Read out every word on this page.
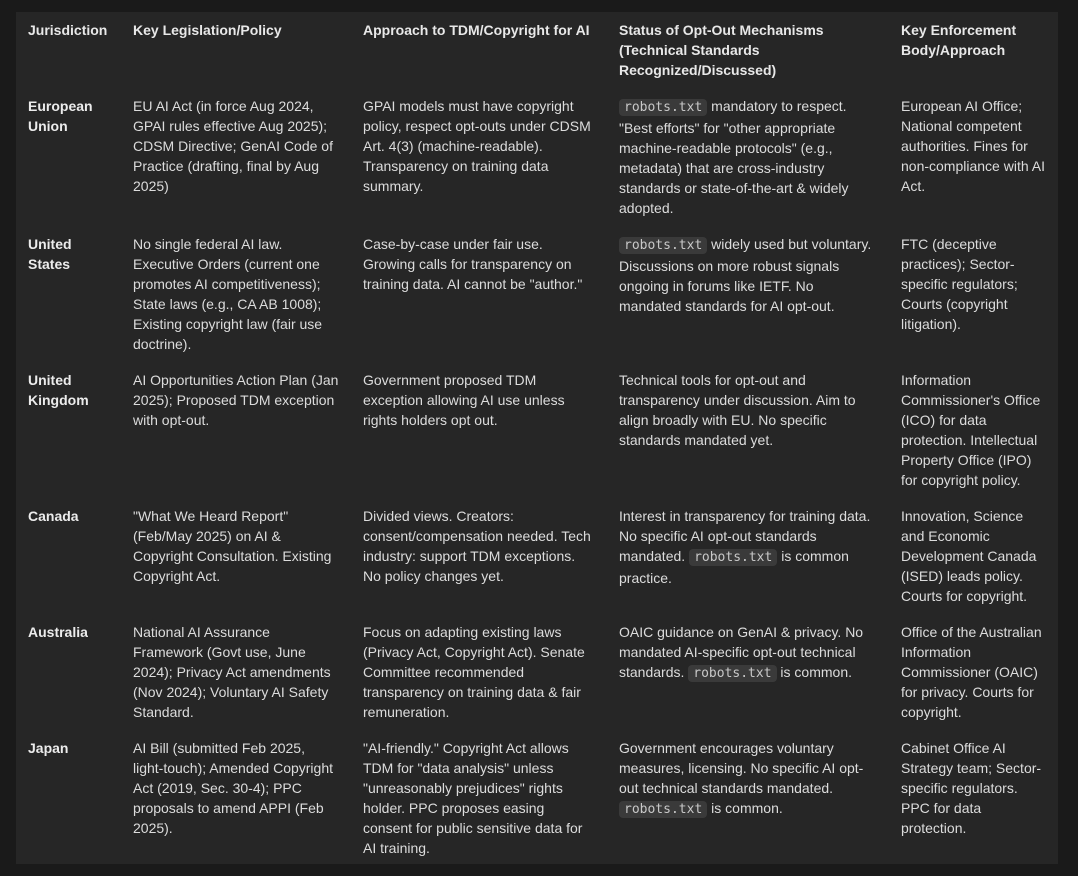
Jurisdiction	Key Legislation/Policy	Approach to TDM/Copyright for AI	Status of Opt-Out Mechanisms (Technical Standards Recognized/Discussed)	Key Enforcement Body/Approach
European Union	EU AI Act (in force Aug 2024, GPAI rules effective Aug 2025); CDSM Directive; GenAI Code of Practice (drafting, final by Aug 2025)	GPAI models must have copyright policy, respect opt-outs under CDSM Art. 4(3) (machine-readable). Transparency on training data summary.	robots.txt mandatory to respect. "Best efforts" for "other appropriate machine-readable protocols" (e.g., metadata) that are cross-industry standards or state-of-the-art & widely adopted.	European AI Office; National competent authorities. Fines for non-compliance with AI Act.
United States	No single federal AI law. Executive Orders (current one promotes AI competitiveness); State laws (e.g., CA AB 1008); Existing copyright law (fair use doctrine).	Case-by-case under fair use. Growing calls for transparency on training data. AI cannot be "author."	robots.txt widely used but voluntary. Discussions on more robust signals ongoing in forums like IETF. No mandated standards for AI opt-out.	FTC (deceptive practices); Sector-specific regulators; Courts (copyright litigation).
United Kingdom	AI Opportunities Action Plan (Jan 2025); Proposed TDM exception with opt-out.	Government proposed TDM exception allowing AI use unless rights holders opt out.	Technical tools for opt-out and transparency under discussion. Aim to align broadly with EU. No specific standards mandated yet.	Information Commissioner's Office (ICO) for data protection. Intellectual Property Office (IPO) for copyright policy.
Canada	"What We Heard Report" (Feb/May 2025) on AI & Copyright Consultation. Existing Copyright Act.	Divided views. Creators: consent/compensation needed. Tech industry: support TDM exceptions. No policy changes yet.	Interest in transparency for training data. No specific AI opt-out standards mandated. robots.txt is common practice.	Innovation, Science and Economic Development Canada (ISED) leads policy. Courts for copyright.
Australia	National AI Assurance Framework (Govt use, June 2024); Privacy Act amendments (Nov 2024); Voluntary AI Safety Standard.	Focus on adapting existing laws (Privacy Act, Copyright Act). Senate Committee recommended transparency on training data & fair remuneration.	OAIC guidance on GenAI & privacy. No mandated AI-specific opt-out technical standards. robots.txt is common.	Office of the Australian Information Commissioner (OAIC) for privacy. Courts for copyright.
Japan	AI Bill (submitted Feb 2025, light-touch); Amended Copyright Act (2019, Sec. 30-4); PPC proposals to amend APPI (Feb 2025).	"AI-friendly." Copyright Act allows TDM for "data analysis" unless "unreasonably prejudices" rights holder. PPC proposes easing consent for public sensitive data for AI training.	Government encourages voluntary measures, licensing. No specific AI opt-out technical standards mandated. robots.txt is common.	Cabinet Office AI Strategy team; Sector-specific regulators. PPC for data protection.
